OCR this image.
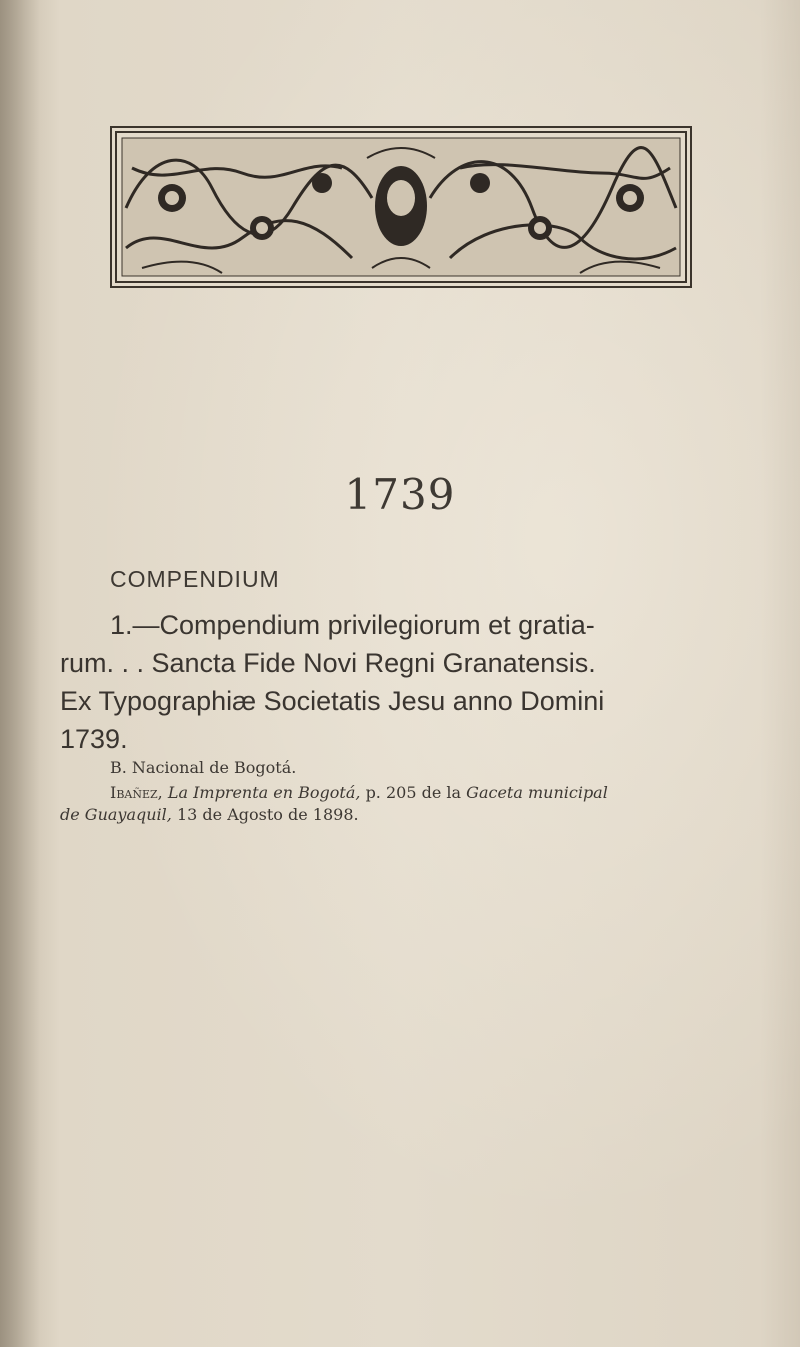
1739
COMPENDIUM
1.—Compendium privilegiorum et gratia-
rum. . . Sancta Fide Novi Regni Granatensis.
Ex Typographiæ Societatis Jesu anno Domini
1739.
B. Nacional de Bogotá.
Ibañez, La Imprenta en Bogotá, p. 205 de la Gaceta municipal
de Guayaquil, 13 de Agosto de 1898.
